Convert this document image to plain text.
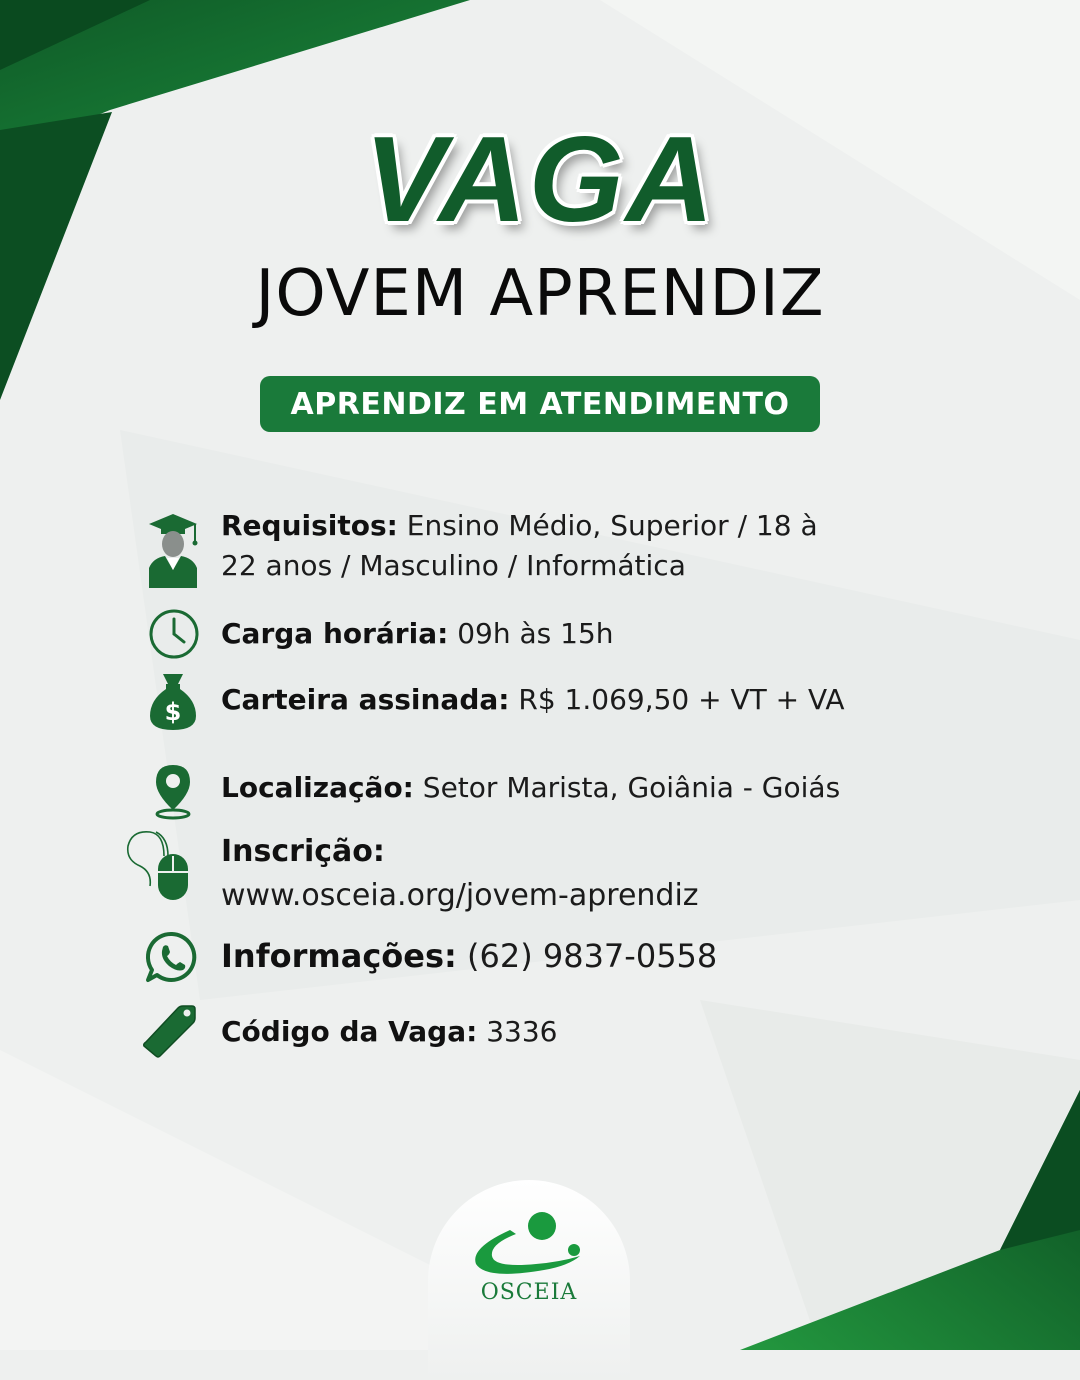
VAGA
JOVEM APRENDIZ
APRENDIZ EM ATENDIMENTO
Requisitos: Ensino Médio, Superior / 18 à
22 anos / Masculino / Informática
Carga horária: 09h às 15h
$ Carteira assinada: R$ 1.069,50 + VT + VA
Localização: Setor Marista, Goiânia - Goiás
Inscrição:
www.osceia.org/jovem-aprendiz
Informações: (62) 9837-0558
Código da Vaga: 3336
OSCEIA
